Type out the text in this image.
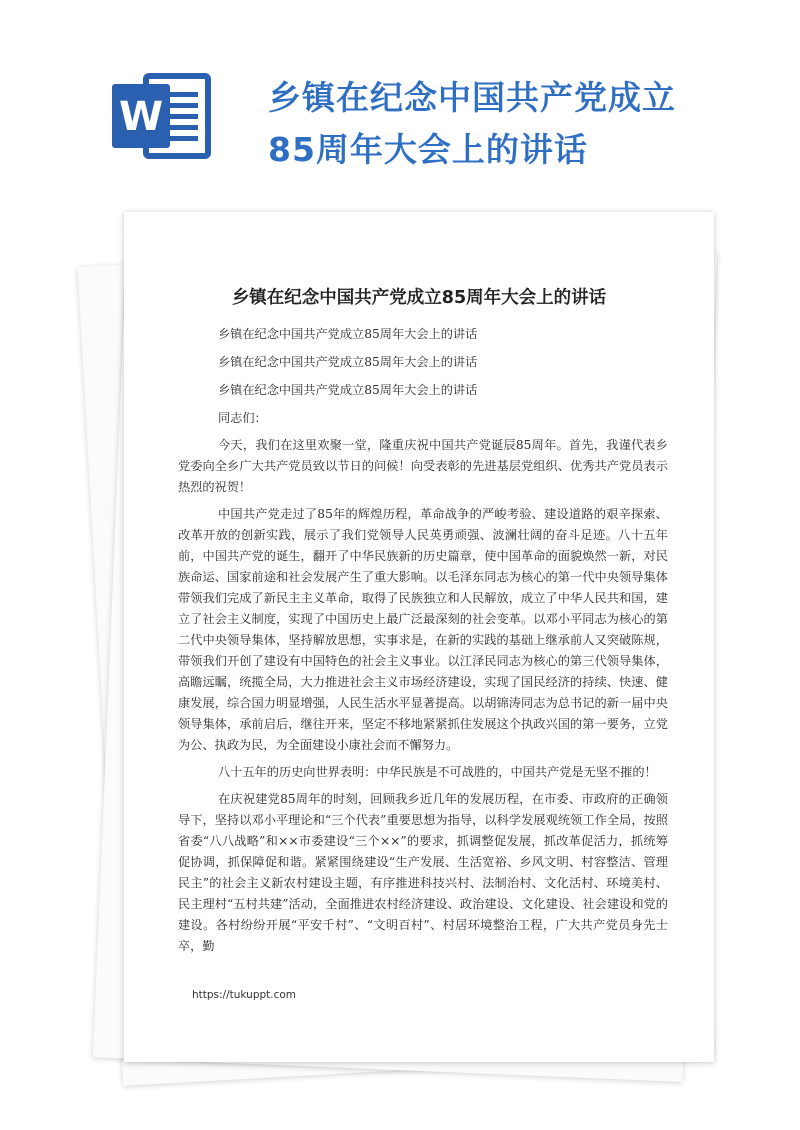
W	乡镇在纪念中国共产党成立85周年大会上的讲话
乡镇在纪念中国共产党成立85周年大会上的讲话

乡镇在纪念中国共产党成立85周年大会上的讲话

乡镇在纪念中国共产党成立85周年大会上的讲话

乡镇在纪念中国共产党成立85周年大会上的讲话

同志们：

今天，我们在这里欢聚一堂，隆重庆祝中国共产党诞辰85周年。首先，我谨代表乡党委向全乡广大共产党员致以节日的问候！向受表彰的先进基层党组织、优秀共产党员表示热烈的祝贺！

中国共产党走过了85年的辉煌历程，革命战争的严峻考验、建设道路的艰辛探索、改革开放的创新实践，展示了我们党领导人民英勇顽强、波澜壮阔的奋斗足迹。八十五年前，中国共产党的诞生，翻开了中华民族新的历史篇章，使中国革命的面貌焕然一新，对民族命运、国家前途和社会发展产生了重大影响。以毛泽东同志为核心的第一代中央领导集体带领我们完成了新民主主义革命，取得了民族独立和人民解放，成立了中华人民共和国，建立了社会主义制度，实现了中国历史上最广泛最深刻的社会变革。以邓小平同志为核心的第二代中央领导集体，坚持解放思想，实事求是，在新的实践的基础上继承前人又突破陈规，带领我们开创了建设有中国特色的社会主义事业。以江泽民同志为核心的第三代领导集体，高瞻远瞩，统揽全局，大力推进社会主义市场经济建设，实现了国民经济的持续、快速、健康发展，综合国力明显增强，人民生活水平显著提高。以胡锦涛同志为总书记的新一届中央领导集体，承前启后，继往开来，坚定不移地紧紧抓住发展这个执政兴国的第一要务，立党为公、执政为民，为全面建设小康社会而不懈努力。

八十五年的历史向世界表明：中华民族是不可战胜的，中国共产党是无坚不摧的！

在庆祝建党85周年的时刻，回顾我乡近几年的发展历程，在市委、市政府的正确领导下，坚持以邓小平理论和“三个代表”重要思想为指导，以科学发展观统领工作全局，按照省委“八八战略”和××市委建设“三个××”的要求，抓调整促发展，抓改革促活力，抓统筹促协调，抓保障促和谐。紧紧围绕建设“生产发展、生活宽裕、乡风文明、村容整洁、管理民主”的社会主义新农村建设主题，有序推进科技兴村、法制治村、文化活村、环境美村、民主理村“五村共建”活动，全面推进农村经济建设、政治建设、文化建设、社会建设和党的建设。各村纷纷开展“平安千村”、“文明百村”、村居环境整治工程，广大共产党员身先士卒，勤

https://tukuppt.com
